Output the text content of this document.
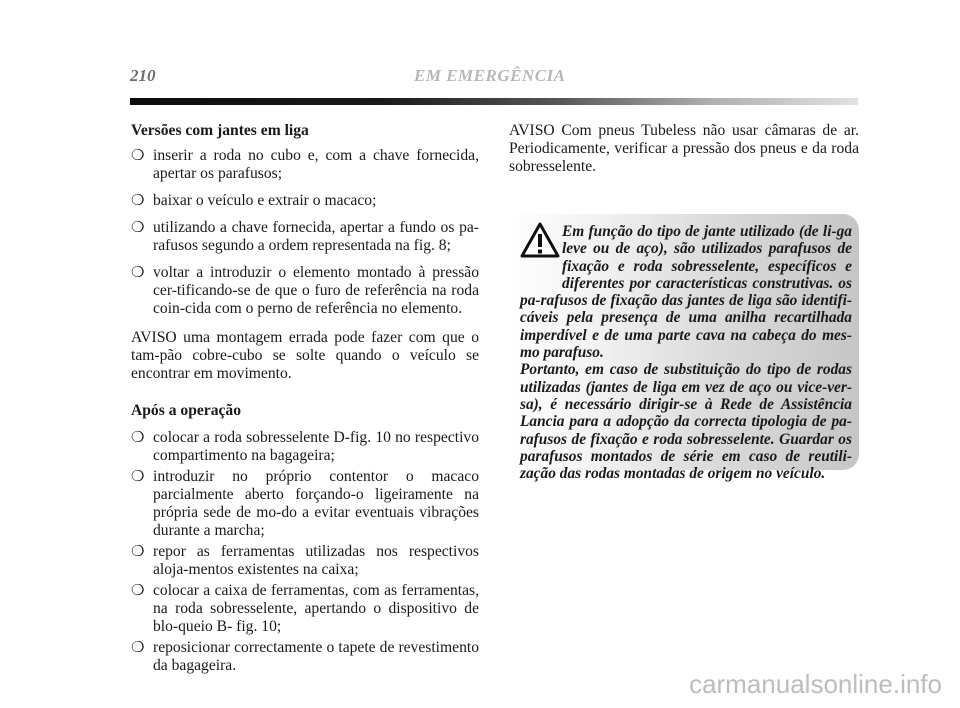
210	EM EMERGÊNCIA
Versões com jantes em liga
❍ inserir a roda no cubo e, com a chave fornecida, apertar os parafusos;
❍ baixar o veículo e extrair o macaco;
❍ utilizando a chave fornecida, apertar a fundo os pa-rafusos segundo a ordem representada na fig. 8;
❍ voltar a introduzir o elemento montado à pressão cer-tificando-se de que o furo de referência na roda coin-cida com o perno de referência no elemento.

AVISO uma montagem errada pode fazer com que o tam-pão cobre-cubo se solte quando o veículo se encontrar em movimento.

Após a operação
❍ colocar a roda sobresselente D-fig. 10 no respectivo compartimento na bagageira;
❍ introduzir no próprio contentor o macaco parcialmente aberto forçando-o ligeiramente na própria sede de mo-do a evitar eventuais vibrações durante a marcha;
❍ repor as ferramentas utilizadas nos respectivos aloja-mentos existentes na caixa;
❍ colocar a caixa de ferramentas, com as ferramentas, na roda sobresselente, apertando o dispositivo de blo-queio B- fig. 10;
❍ reposicionar correctamente o tapete de revestimento da bagageira.

AVISO Com pneus Tubeless não usar câmaras de ar. Periodicamente, verificar a pressão dos pneus e da roda sobresselente.

Em função do tipo de jante utilizado (de li-ga leve ou de aço), são utilizados parafusos de fixação e roda sobresselente, específicos e diferentes por características construtivas. os pa-rafusos de fixação das jantes de liga são identifi-cáveis pela presença de uma anilha recartilhada imperdível e de uma parte cava na cabeça do mes-mo parafuso.

Portanto, em caso de substituição do tipo de rodas utilizadas (jantes de liga em vez de aço ou vice-ver-sa), é necessário dirigir-se à Rede de Assistência Lancia para a adopção da correcta tipologia de pa-rafusos de fixação e roda sobresselente. Guardar os parafusos montados de série em caso de reutili-zação das rodas montadas de origem no veículo.

carmanualsonline.info
